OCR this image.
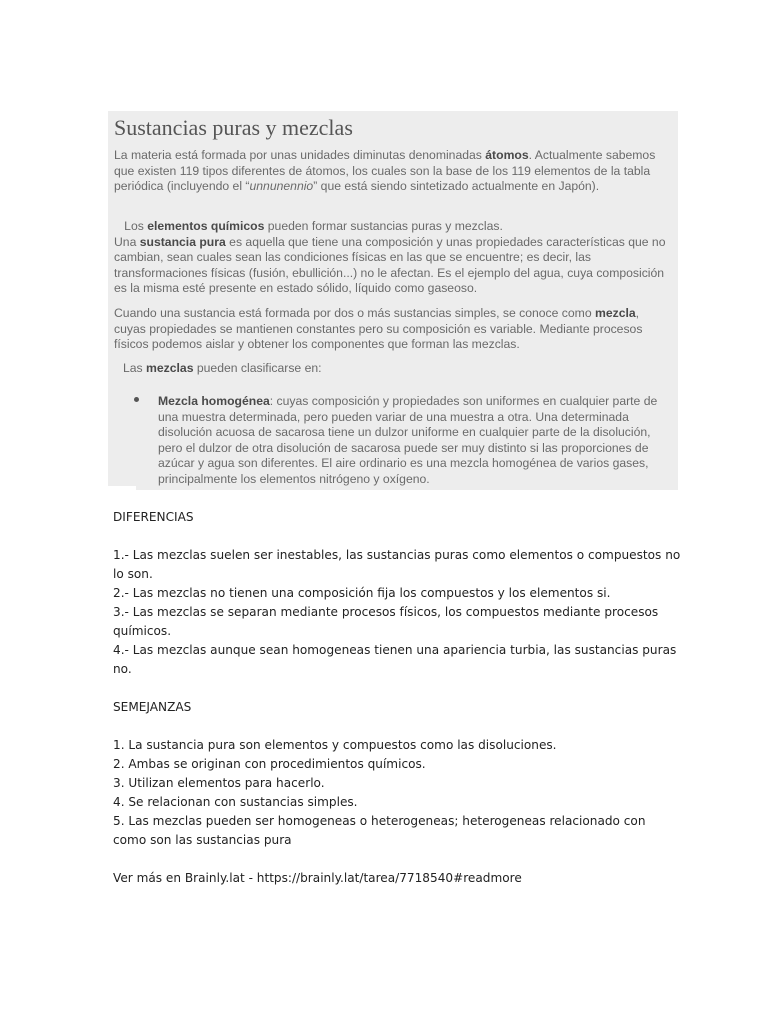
Sustancias puras y mezclas

La materia está formada por unas unidades diminutas denominadas átomos. Actualmente sabemos que existen 119 tipos diferentes de átomos, los cuales son la base de los 119 elementos de la tabla periódica (incluyendo el “unnunennio” que está siendo sintetizado actualmente en Japón).

Los elementos químicos pueden formar sustancias puras y mezclas.
Una sustancia pura es aquella que tiene una composición y unas propiedades características que no cambian, sean cuales sean las condiciones físicas en las que se encuentre; es decir, las transformaciones físicas (fusión, ebullición...) no le afectan. Es el ejemplo del agua, cuya composición es la misma esté presente en estado sólido, líquido como gaseoso.

Cuando una sustancia está formada por dos o más sustancias simples, se conoce como mezcla, cuyas propiedades se mantienen constantes pero su composición es variable. Mediante procesos físicos podemos aislar y obtener los componentes que forman las mezclas.

Las mezclas pueden clasificarse en:

Mezcla homogénea: cuyas composición y propiedades son uniformes en cualquier parte de una muestra determinada, pero pueden variar de una muestra a otra. Una determinada disolución acuosa de sacarosa tiene un dulzor uniforme en cualquier parte de la disolución, pero el dulzor de otra disolución de sacarosa puede ser muy distinto si las proporciones de azúcar y agua son diferentes. El aire ordinario es una mezcla homogénea de varios gases, principalmente los elementos nitrógeno y oxígeno.

DIFERENCIAS
1.- Las mezclas suelen ser inestables, las sustancias puras como elementos o compuestos no
lo son.
2.- Las mezclas no tienen una composición fija los compuestos y los elementos si.
3.- Las mezclas se separan mediante procesos físicos, los compuestos mediante procesos
químicos.
4.- Las mezclas aunque sean homogeneas tienen una apariencia turbia, las sustancias puras
no.
SEMEJANZAS
1. La sustancia pura son elementos y compuestos como las disoluciones.
2. Ambas se originan con procedimientos químicos.
3. Utilizan elementos para hacerlo.
4. Se relacionan con sustancias simples.
5. Las mezclas pueden ser homogeneas o heterogeneas; heterogeneas relacionado con
como son las sustancias pura
Ver más en Brainly.lat - https://brainly.lat/tarea/7718540#readmore
